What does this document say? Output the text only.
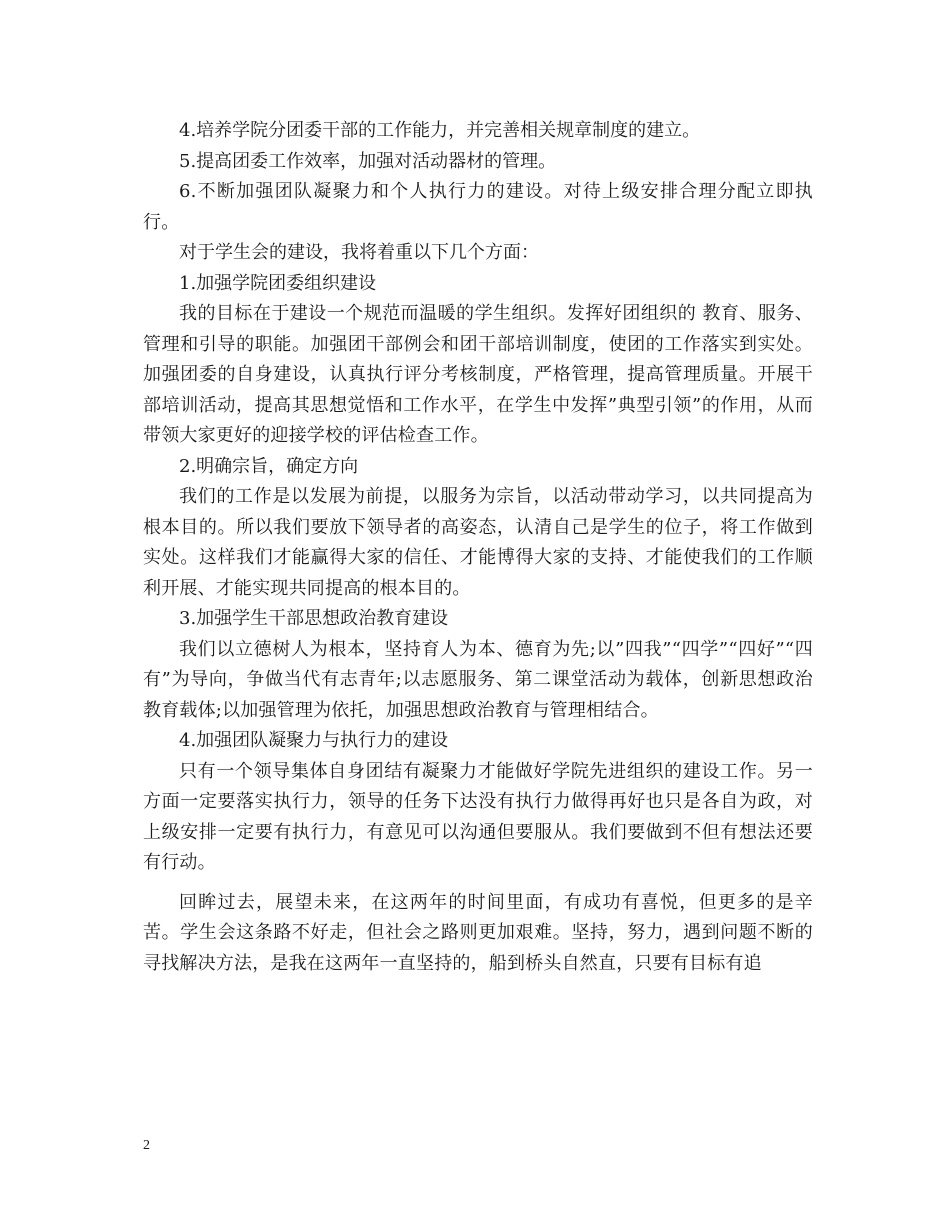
4.培养学院分团委干部的工作能力，并完善相关规章制度的建立。

5.提高团委工作效率，加强对活动器材的管理。

6.不断加强团队凝聚力和个人执行力的建设。对待上级安排合理分配立即执行。

对于学生会的建设，我将着重以下几个方面：

1.加强学院团委组织建设

我的目标在于建设一个规范而温暖的学生组织。发挥好团组织的 教育、服务、管理和引导的职能。加强团干部例会和团干部培训制度，使团的工作落实到实处。加强团委的自身建设，认真执行评分考核制度，严格管理，提高管理质量。开展干部培训活动，提高其思想觉悟和工作水平，在学生中发挥”典型引领”的作用，从而带领大家更好的迎接学校的评估检查工作。

2.明确宗旨，确定方向

我们的工作是以发展为前提，以服务为宗旨，以活动带动学习，以共同提高为根本目的。所以我们要放下领导者的高姿态，认清自己是学生的位子，将工作做到实处。这样我们才能赢得大家的信任、才能博得大家的支持、才能使我们的工作顺利开展、才能实现共同提高的根本目的。

3.加强学生干部思想政治教育建设

我们以立德树人为根本，坚持育人为本、德育为先;以”四我”“四学”“四好”“四有”为导向，争做当代有志青年;以志愿服务、第二课堂活动为载体，创新思想政治教育载体;以加强管理为依托，加强思想政治教育与管理相结合。

4.加强团队凝聚力与执行力的建设

只有一个领导集体自身团结有凝聚力才能做好学院先进组织的建设工作。另一方面一定要落实执行力，领导的任务下达没有执行力做得再好也只是各自为政，对上级安排一定要有执行力，有意见可以沟通但要服从。我们要做到不但有想法还要有行动。

回眸过去，展望未来，在这两年的时间里面，有成功有喜悦，但更多的是辛苦。学生会这条路不好走，但社会之路则更加艰难。坚持，努力，遇到问题不断的寻找解决方法，是我在这两年一直坚持的，船到桥头自然直，只要有目标有追

2
